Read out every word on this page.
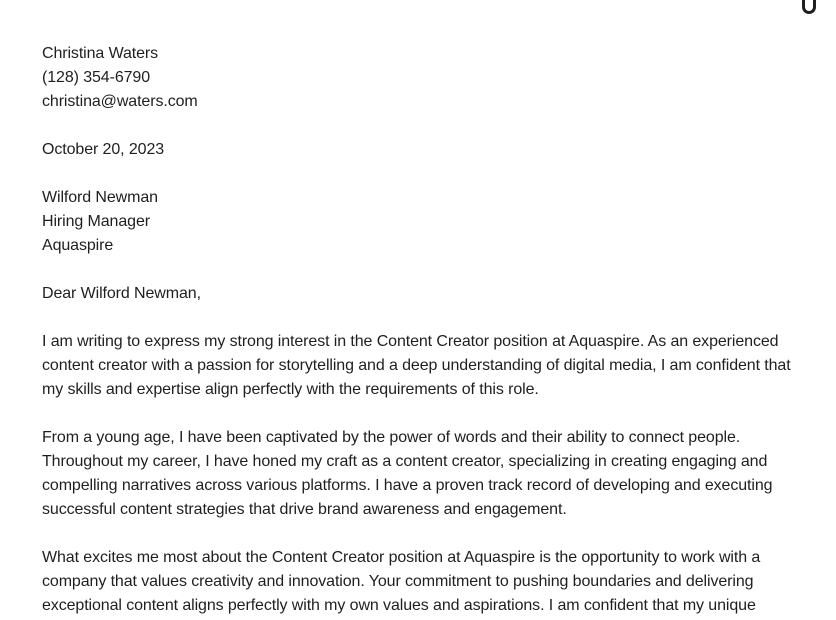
Christina Waters
(128) 354-6790
christina@waters.com
October 20, 2023
Wilford Newman
Hiring Manager
Aquaspire
Dear Wilford Newman,

I am writing to express my strong interest in the Content Creator position at Aquaspire. As an experienced content creator with a passion for storytelling and a deep understanding of digital media, I am confident that my skills and expertise align perfectly with the requirements of this role.

From a young age, I have been captivated by the power of words and their ability to connect people. Throughout my career, I have honed my craft as a content creator, specializing in creating engaging and compelling narratives across various platforms. I have a proven track record of developing and executing successful content strategies that drive brand awareness and engagement.

What excites me most about the Content Creator position at Aquaspire is the opportunity to work with a company that values creativity and innovation. Your commitment to pushing boundaries and delivering exceptional content aligns perfectly with my own values and aspirations. I am confident that my unique
